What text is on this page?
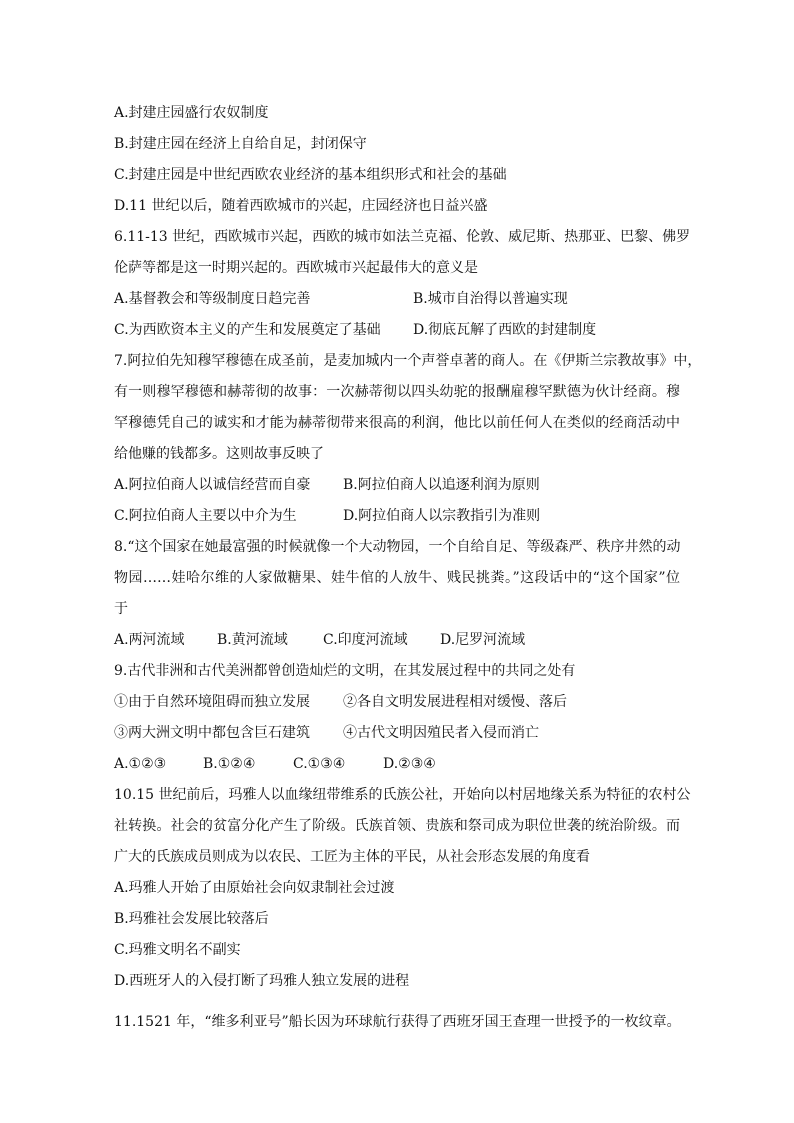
A.封建庄园盛行农奴制度
B.封建庄园在经济上自给自足，封闭保守
C.封建庄园是中世纪西欧农业经济的基本组织形式和社会的基础
D.11 世纪以后，随着西欧城市的兴起，庄园经济也日益兴盛
6.11-13 世纪，西欧城市兴起，西欧的城市如法兰克福、伦敦、威尼斯、热那亚、巴黎、佛罗
伦萨等都是这一时期兴起的。西欧城市兴起最伟大的意义是
A.基督教会和等级制度日趋完善	B.城市自治得以普遍实现
C.为西欧资本主义的产生和发展奠定了基础 D.彻底瓦解了西欧的封建制度
7.阿拉伯先知穆罕穆德在成圣前，是麦加城内一个声誉卓著的商人。在《伊斯兰宗教故事》中，
有一则穆罕穆德和赫蒂彻的故事：一次赫蒂彻以四头幼驼的报酬雇穆罕默德为伙计经商。穆
罕穆德凭自己的诚实和才能为赫蒂彻带来很高的利润，他比以前任何人在类似的经商活动中
给他赚的钱都多。这则故事反映了
A.阿拉伯商人以诚信经营而自豪 B.阿拉伯商人以追逐利润为原则
C.阿拉伯商人主要以中介为生	D.阿拉伯商人以宗教指引为准则
8.“这个国家在她最富强的时候就像一个大动物园，一个自给自足、等级森严、秩序井然的动
物园……娃哈尔维的人家做糖果、娃牛倌的人放牛、贱民挑粪。”这段话中的“这个国家”位
于
A.两河流域 B.黄河流域	C.印度河流域 D.尼罗河流域
9.古代非洲和古代美洲都曾创造灿烂的文明，在其发展过程中的共同之处有
①由于自然环境阻碍而独立发展 ②各自文明发展进程相对缓慢、落后
③两大洲文明中都包含巨石建筑 ④古代文明因殖民者入侵而消亡
A.①②③	B.①②④	C.①③④	D.②③④
10.15 世纪前后，玛雅人以血缘纽带维系的氏族公社，开始向以村居地缘关系为特征的农村公
社转换。社会的贫富分化产生了阶级。氏族首领、贵族和祭司成为职位世袭的统治阶级。而
广大的氏族成员则成为以农民、工匠为主体的平民，从社会形态发展的角度看
A.玛雅人开始了由原始社会向奴隶制社会过渡
B.玛雅社会发展比较落后
C.玛雅文明名不副实
D.西班牙人的入侵打断了玛雅人独立发展的进程
11.1521 年，“维多利亚号”船长因为环球航行获得了西班牙国王查理一世授予的一枚纹章。
